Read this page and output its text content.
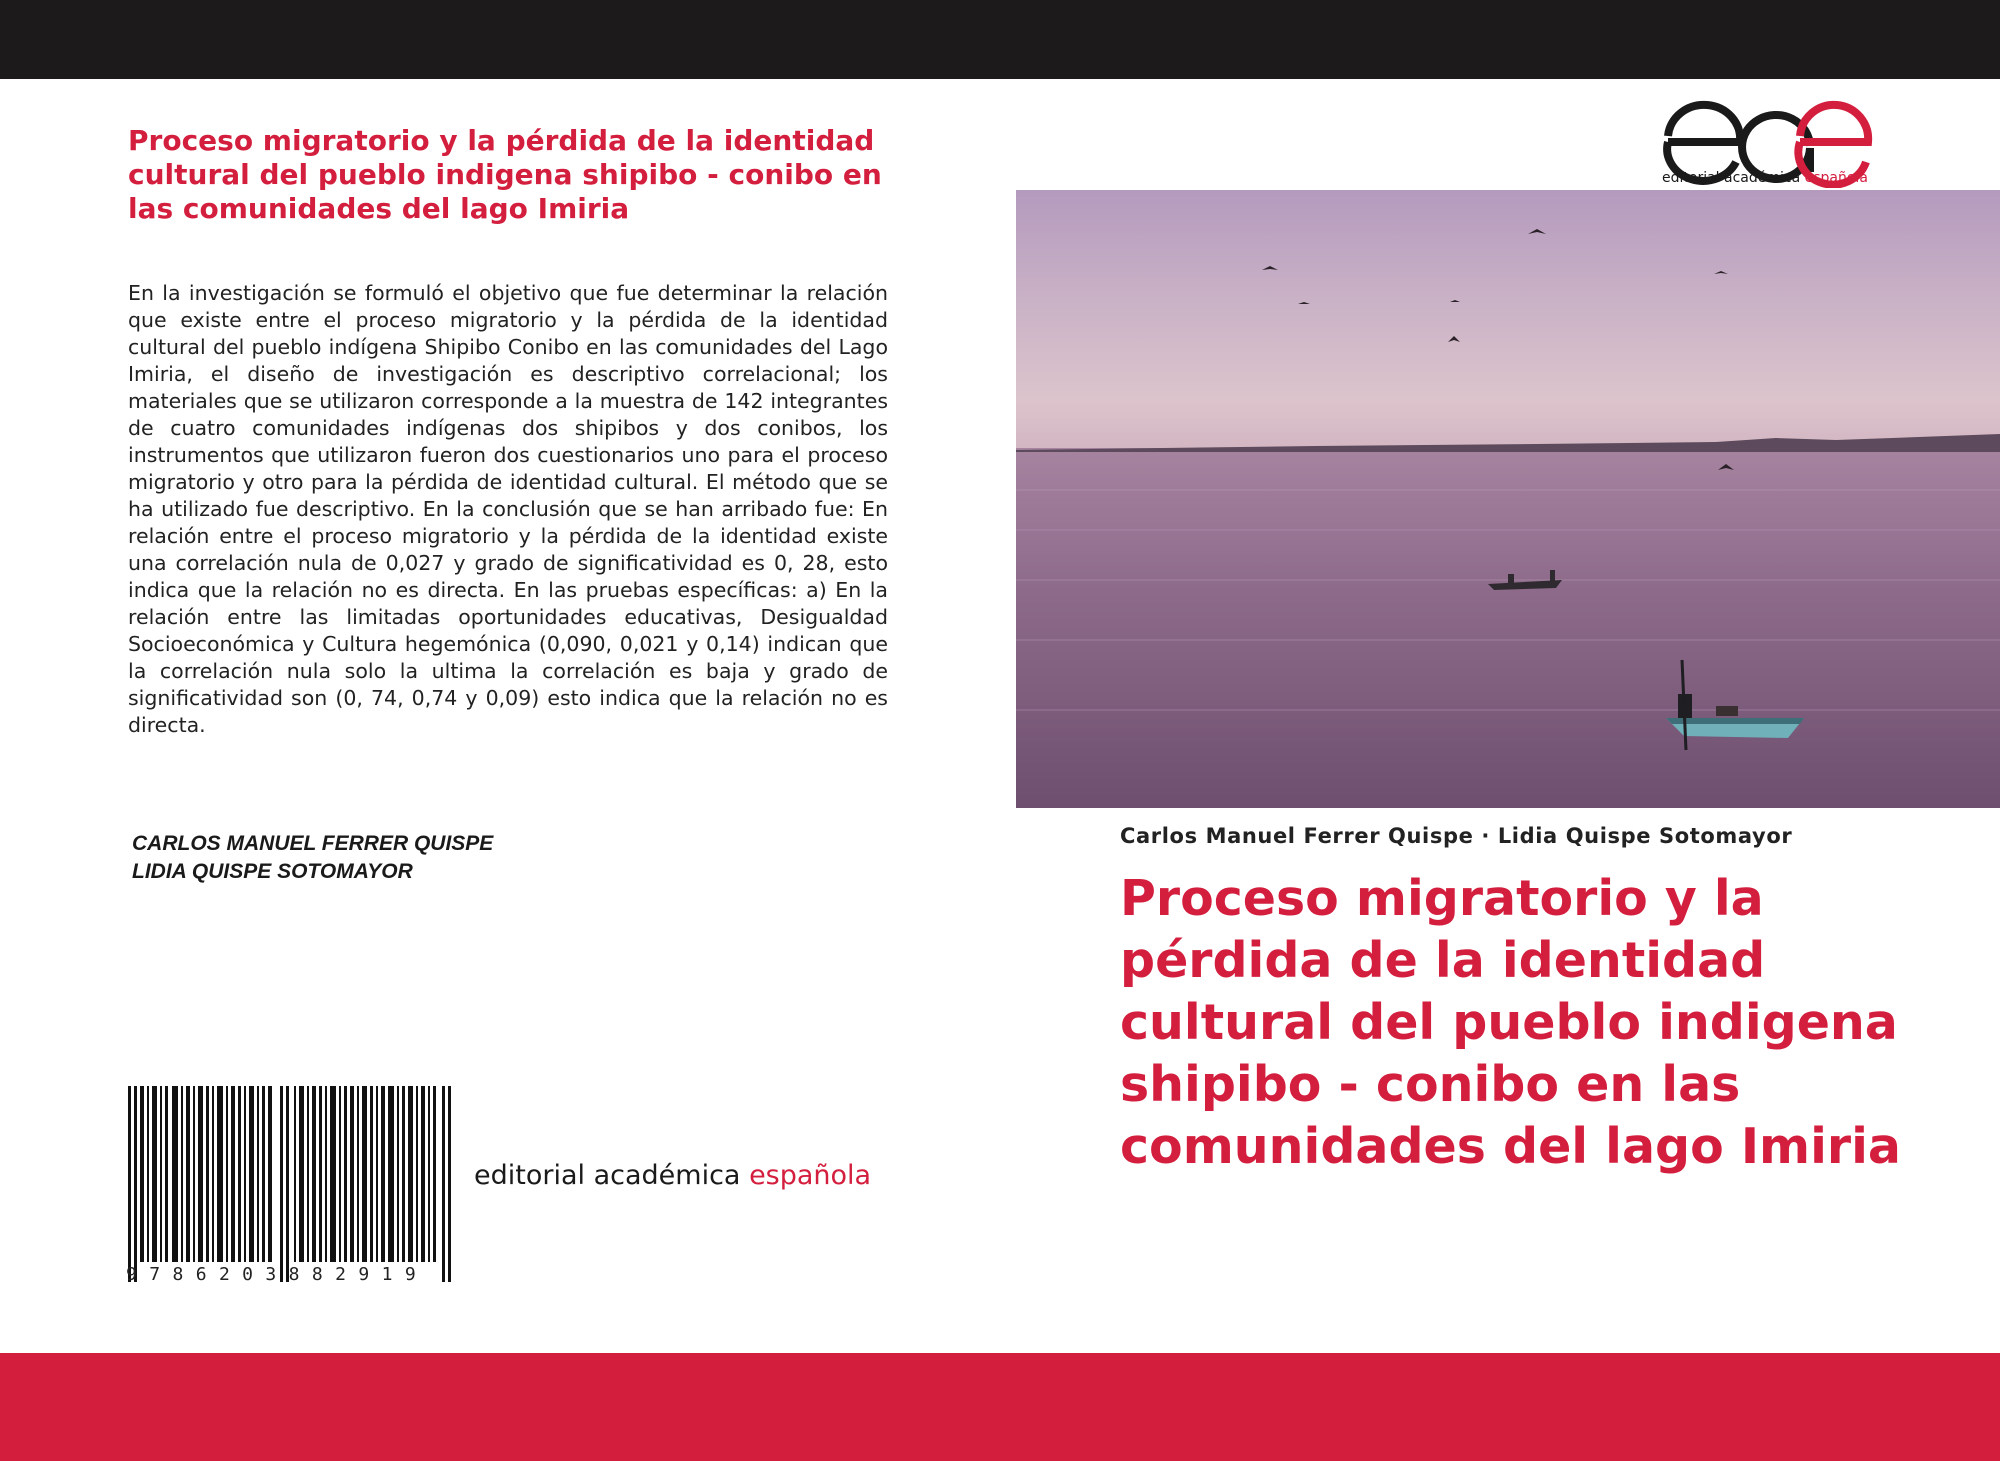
Proceso migratorio y la pérdida de la identidad cultural del pueblo indigena shipibo - conibo en las comunidades del lago Imiria

En la investigación se formuló el objetivo que fue determinar la relación que existe entre el proceso migratorio y la pérdida de la identidad cultural del pueblo indígena Shipibo Conibo en las comunidades del Lago Imiria, el diseño de investigación es descriptivo correlacional; los materiales que se utilizaron corresponde a la muestra de 142 integrantes de cuatro comunidades indígenas dos shipibos y dos conibos, los instrumentos que utilizaron fueron dos cuestionarios uno para el proceso migratorio y otro para la pérdida de identidad cultural. El método que se ha utilizado fue descriptivo. En la conclusión que se han arribado fue: En relación entre el proceso migratorio y la pérdida de la identidad existe una correlación nula de 0,027 y grado de significatividad es 0, 28, esto indica que la relación no es directa. En las pruebas específicas: a) En la relación entre las limitadas oportunidades educativas, Desigualdad Socioeconómica y Cultura hegemónica (0,090, 0,021 y 0,14) indican que la correlación nula solo la ultima la correlación es baja y grado de significatividad son (0, 74, 0,74 y 0,09) esto indica que la relación no es directa.

CARLOS MANUEL FERRER QUISPE
LIDIA QUISPE SOTOMAYOR
9786203882919
editorial académica española
editorial académica española
Carlos Manuel Ferrer Quispe · Lidia Quispe Sotomayor
Proceso migratorio y la pérdida de la identidad cultural del pueblo indigena shipibo - conibo en las comunidades del lago Imiria
